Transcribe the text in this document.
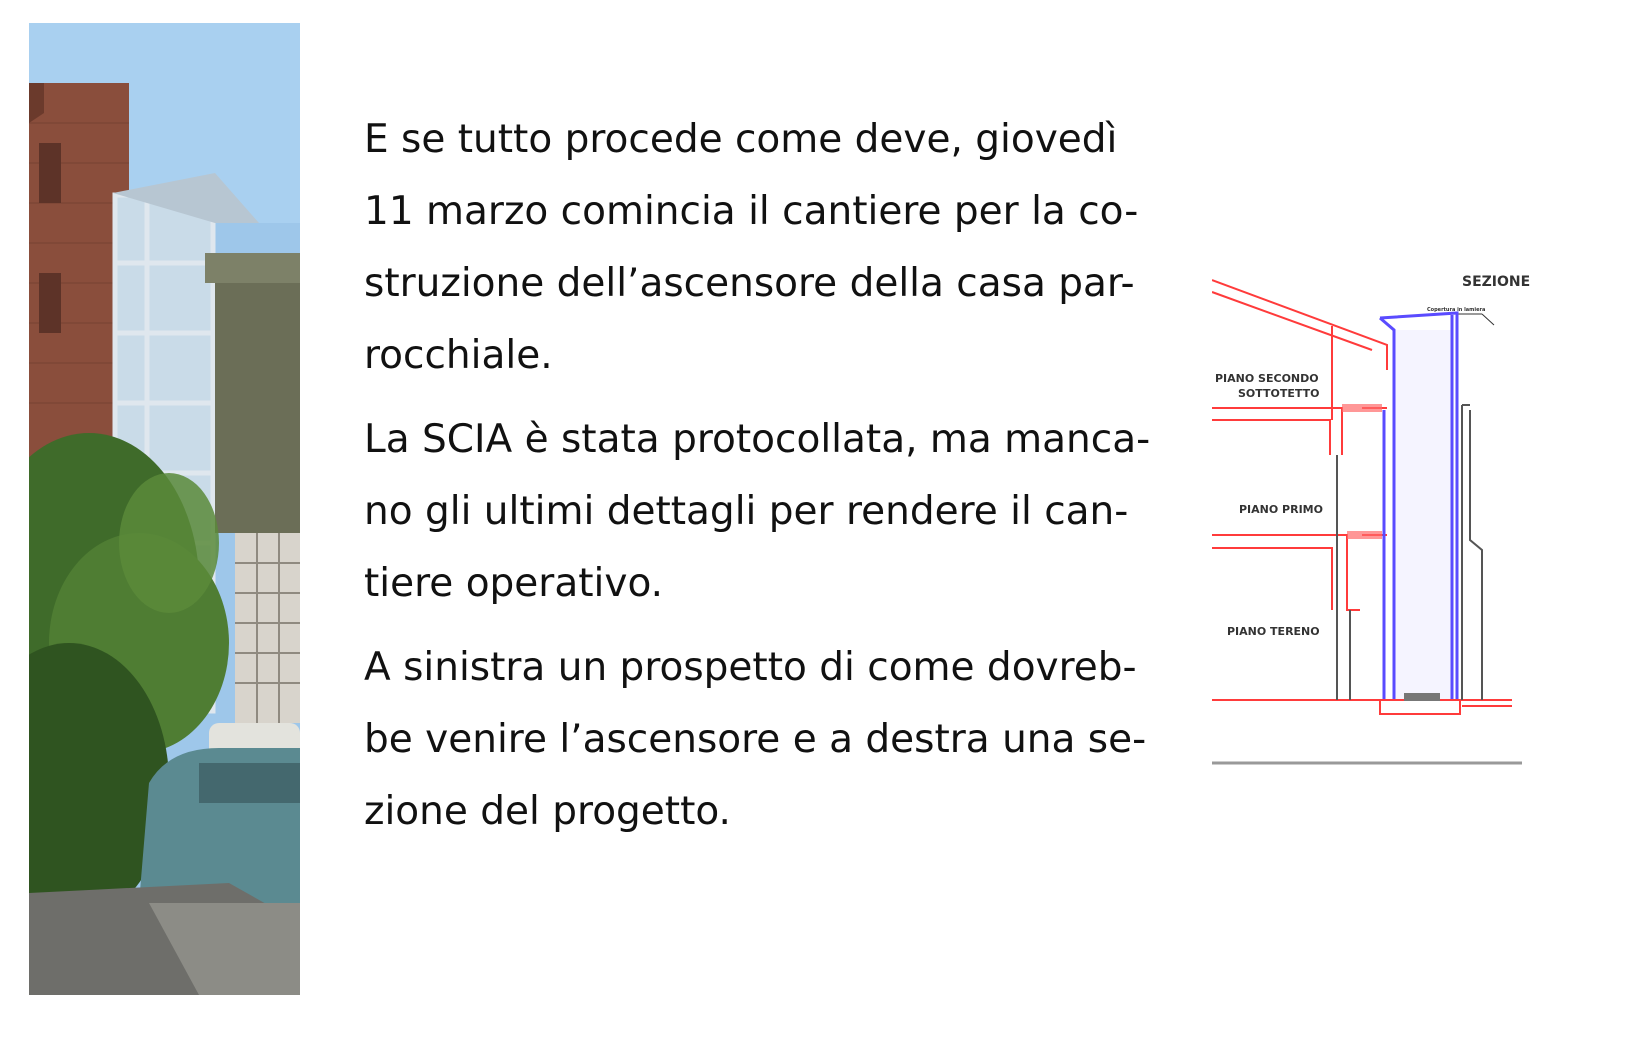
E se tutto procede come deve, giovedì
11 marzo comincia il cantiere per la co-
struzione dell’ascensore della casa par-
rocchiale.

La SCIA è stata protocollata, ma manca-
no gli ultimi dettagli per rendere il can-
tiere operativo.

A sinistra un prospetto di come dovreb-
be venire l’ascensore e a destra una se-
zione del progetto.

SEZIONE
Copertura in lamiera
PIANO SECONDO
SOTTOTETTO
PIANO PRIMO
PIANO TERENO
